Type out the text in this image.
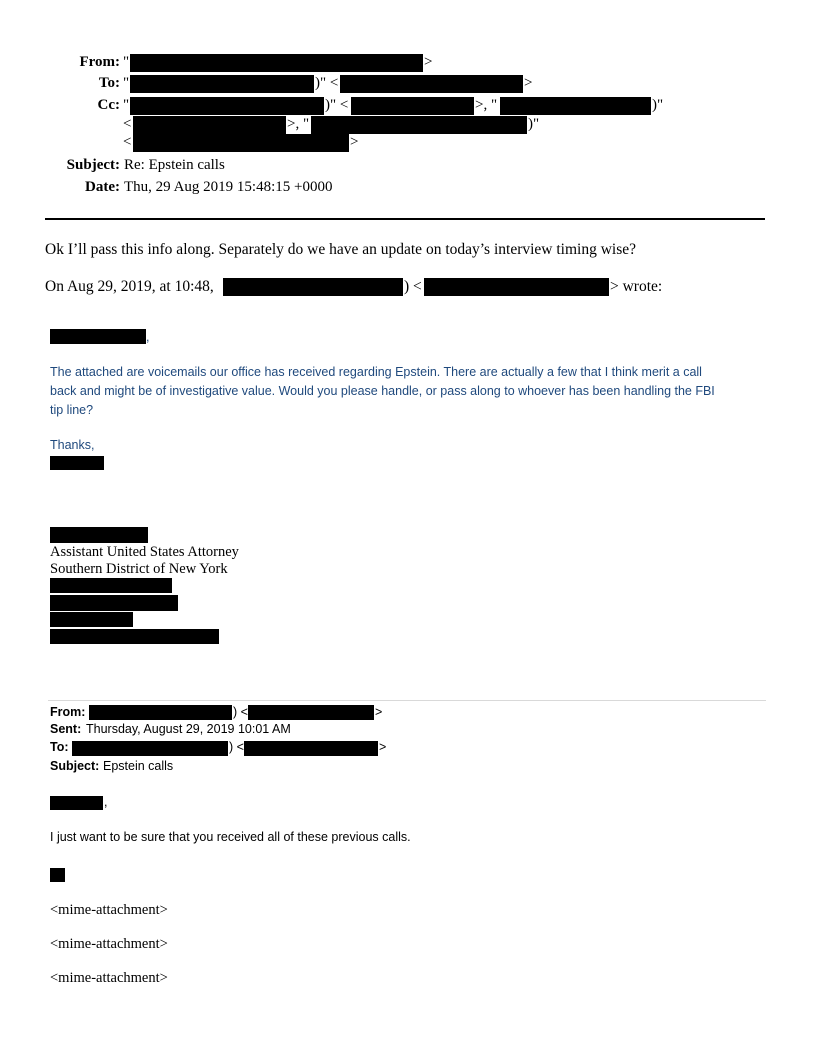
From: "	>
To: "	)" <	>
Cc: "	)" <	>, "	)"
<	>, "	)"
<	>
Subject: Re: Epstein calls
Date: Thu, 29 Aug 2019 15:48:15 +0000
Ok I’ll pass this info along. Separately do we have an update on today’s interview timing wise?
On Aug 29, 2019, at 10:48,	) <	> wrote:
,
The attached are voicemails our office has received regarding Epstein. There are actually a few that I think merit a call
back and might be of investigative value. Would you please handle, or pass along to whoever has been handling the FBI
tip line?
Thanks,
Assistant United States Attorney
Southern District of New York
From:	) <	>
Sent: Thursday, August 29, 2019 10:01 AM
To:	) <	>
Subject: Epstein calls
,
I just want to be sure that you received all of these previous calls.
<mime-attachment>
<mime-attachment>
<mime-attachment>
